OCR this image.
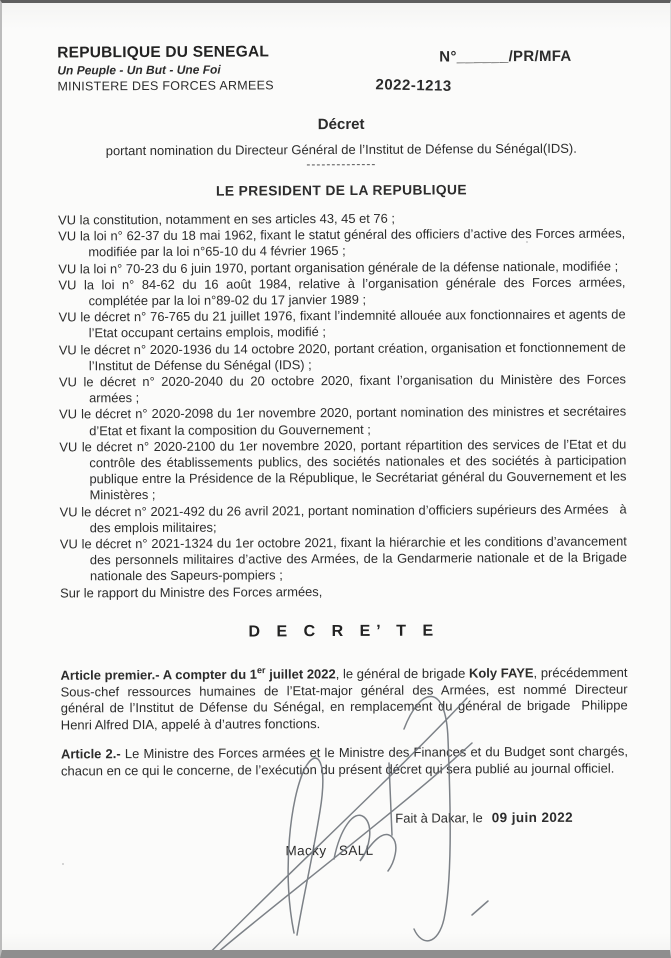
REPUBLIQUE DU SENEGAL
Un Peuple - Un But - Une Foi
MINISTERE DES FORCES ARMEES
N°______/PR/MFA
2022-1213
Décret
portant nomination du Directeur Général de l’Institut de Défense du Sénégal(IDS).
--------------
LE PRESIDENT DE LA REPUBLIQUE
VU la constitution, notamment en ses articles 43, 45 et 76 ;
VU la loi n° 62-37 du 18 mai 1962, fixant le statut général des officiers d’active des Forces armées, modifiée par la loi n°65-10 du 4 février 1965 ;
VU la loi n° 70-23 du 6 juin 1970, portant organisation générale de la défense nationale, modifiée ;
VU la loi n° 84-62 du 16 août 1984, relative à l’organisation générale des Forces armées, complétée par la loi n°89-02 du 17 janvier 1989 ;
VU le décret n° 76-765 du 21 juillet 1976, fixant l’indemnité allouée aux fonctionnaires et agents de l’Etat occupant certains emplois, modifié ;
VU le décret n° 2020-1936 du 14 octobre 2020, portant création, organisation et fonctionnement de l’Institut de Défense du Sénégal (IDS) ;
VU le décret n° 2020-2040 du 20 octobre 2020, fixant l’organisation du Ministère des Forces armées ;
VU le décret n° 2020-2098 du 1er novembre 2020, portant nomination des ministres et secrétaires d’Etat et fixant la composition du Gouvernement ;
VU le décret n° 2020-2100 du 1er novembre 2020, portant répartition des services de l’Etat et du contrôle des établissements publics, des sociétés nationales et des sociétés à participation publique entre la Présidence de la République, le Secrétariat général du Gouvernement et les Ministères ;
VU le décret n° 2021-492 du 26 avril 2021, portant nomination d’officiers supérieurs des Armées   à des emplois militaires;
VU le décret n° 2021-1324 du 1er octobre 2021, fixant la hiérarchie et les conditions d’avancement des personnels militaires d’active des Armées, de la Gendarmerie nationale et de la Brigade nationale des Sapeurs-pompiers ;
Sur le rapport du Ministre des Forces armées,
D E C R E’ T E
Article premier.- A compter du 1er juillet 2022, le général de brigade Koly FAYE, précédemment Sous-chef ressources humaines de l’Etat-major général des Armées, est nommé Directeur général de l’Institut de Défense du Sénégal, en remplacement du général de brigade  Philippe Henri Alfred DIA, appelé à d’autres fonctions.
Article 2.- Le Ministre des Forces armées et le Ministre des Finances et du Budget sont chargés, chacun en ce qui le concerne, de l’exécution du présent décret qui sera publié au journal officiel.
Fait à Dakar, le 09 juin 2022
Macky   SALL
